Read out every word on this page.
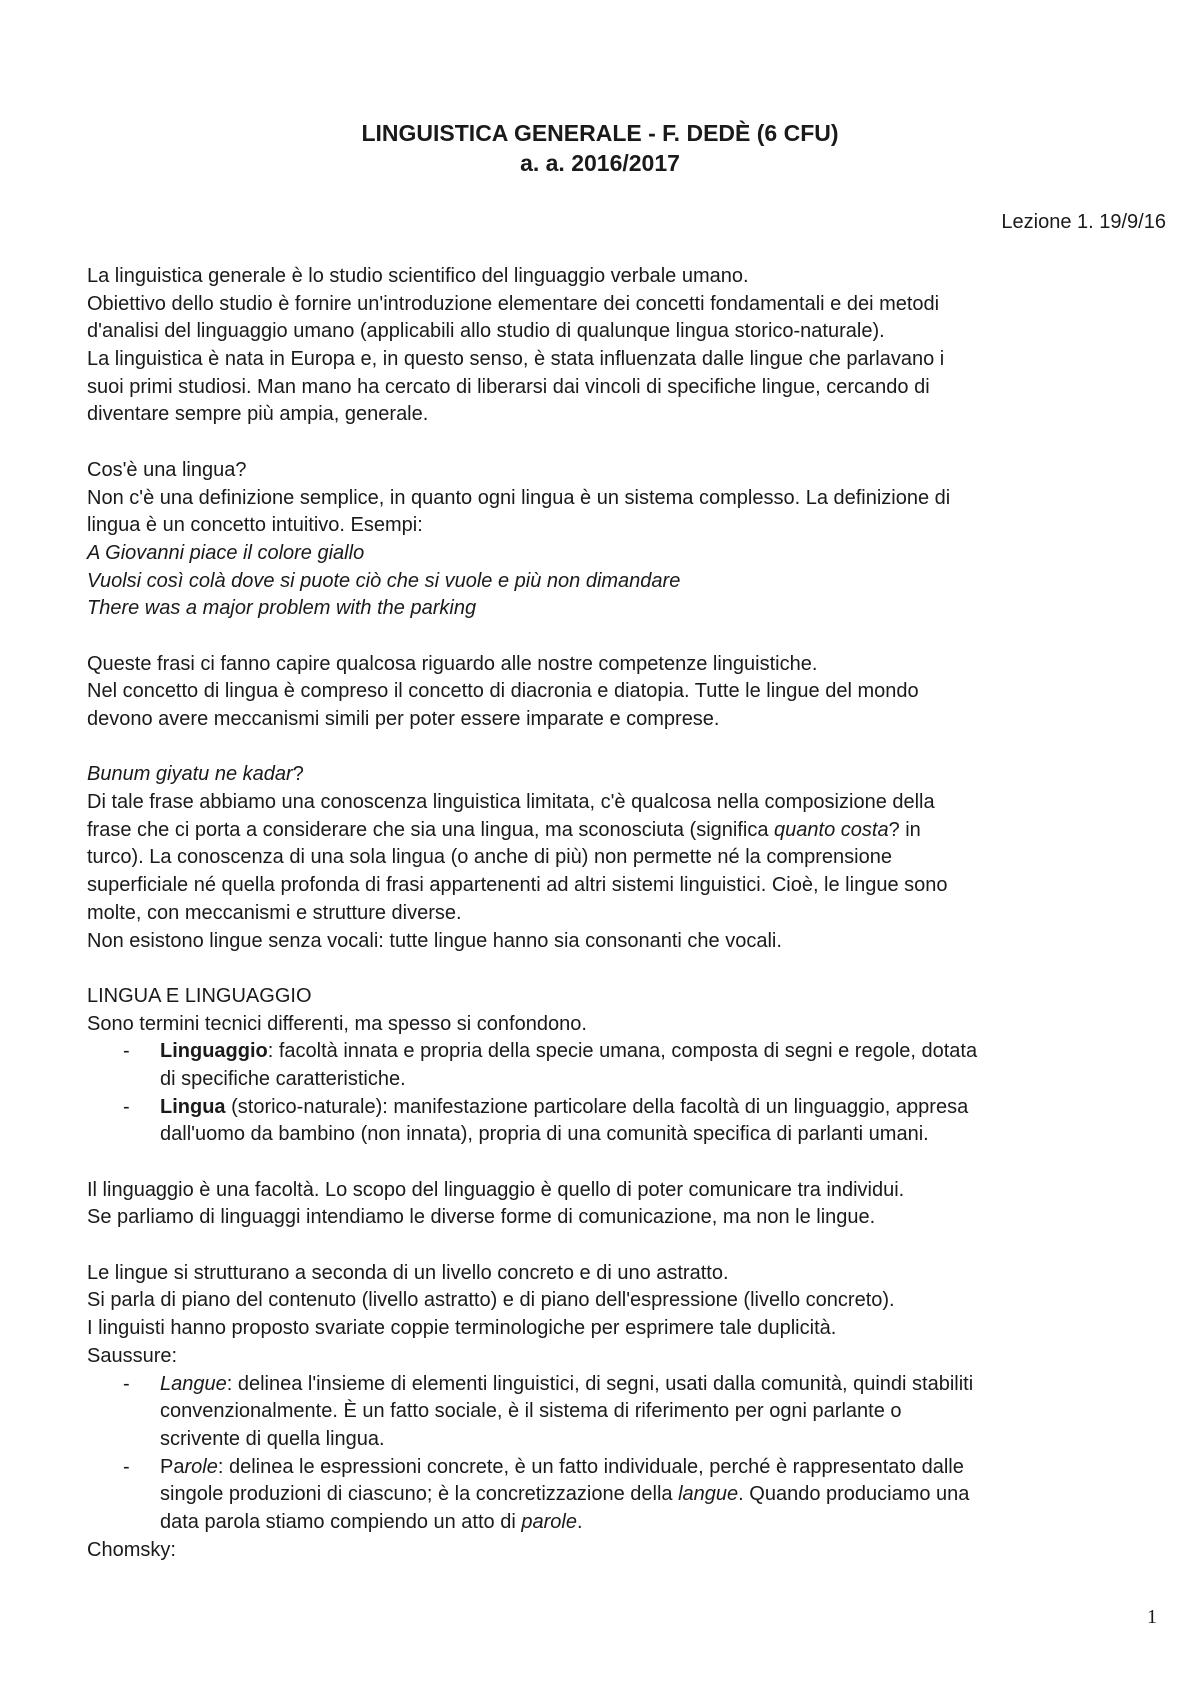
LINGUISTICA GENERALE - F. DEDÈ (6 CFU)
a. a. 2016/2017
Lezione 1. 19/9/16
La linguistica generale è lo studio scientifico del linguaggio verbale umano.
Obiettivo dello studio è fornire un'introduzione elementare dei concetti fondamentali e dei metodi
d'analisi del linguaggio umano (applicabili allo studio di qualunque lingua storico-naturale).
La linguistica è nata in Europa e, in questo senso, è stata influenzata dalle lingue che parlavano i
suoi primi studiosi. Man mano ha cercato di liberarsi dai vincoli di specifiche lingue, cercando di
diventare sempre più ampia, generale.
Cos'è una lingua?
Non c'è una definizione semplice, in quanto ogni lingua è un sistema complesso. La definizione di
lingua è un concetto intuitivo. Esempi:
A Giovanni piace il colore giallo
Vuolsi così colà dove si puote ciò che si vuole e più non dimandare
There was a major problem with the parking
Queste frasi ci fanno capire qualcosa riguardo alle nostre competenze linguistiche.
Nel concetto di lingua è compreso il concetto di diacronia e diatopia. Tutte le lingue del mondo
devono avere meccanismi simili per poter essere imparate e comprese.
Bunum giyatu ne kadar?
Di tale frase abbiamo una conoscenza linguistica limitata, c'è qualcosa nella composizione della
frase che ci porta a considerare che sia una lingua, ma sconosciuta (significa quanto costa? in
turco). La conoscenza di una sola lingua (o anche di più) non permette né la comprensione
superficiale né quella profonda di frasi appartenenti ad altri sistemi linguistici. Cioè, le lingue sono
molte, con meccanismi e strutture diverse.
Non esistono lingue senza vocali: tutte lingue hanno sia consonanti che vocali.
LINGUA E LINGUAGGIO
Sono termini tecnici differenti, ma spesso si confondono.
- Linguaggio: facoltà innata e propria della specie umana, composta di segni e regole, dotata
di specifiche caratteristiche.
- Lingua (storico-naturale): manifestazione particolare della facoltà di un linguaggio, appresa
dall'uomo da bambino (non innata), propria di una comunità specifica di parlanti umani.
Il linguaggio è una facoltà. Lo scopo del linguaggio è quello di poter comunicare tra individui.
Se parliamo di linguaggi intendiamo le diverse forme di comunicazione, ma non le lingue.
Le lingue si strutturano a seconda di un livello concreto e di uno astratto.
Si parla di piano del contenuto (livello astratto) e di piano dell'espressione (livello concreto).
I linguisti hanno proposto svariate coppie terminologiche per esprimere tale duplicità.
Saussure:
- Langue: delinea l'insieme di elementi linguistici, di segni, usati dalla comunità, quindi stabiliti
convenzionalmente. È un fatto sociale, è il sistema di riferimento per ogni parlante o
scrivente di quella lingua.
- Parole: delinea le espressioni concrete, è un fatto individuale, perché è rappresentato dalle
singole produzioni di ciascuno; è la concretizzazione della langue. Quando produciamo una
data parola stiamo compiendo un atto di parole.
Chomsky:
1
